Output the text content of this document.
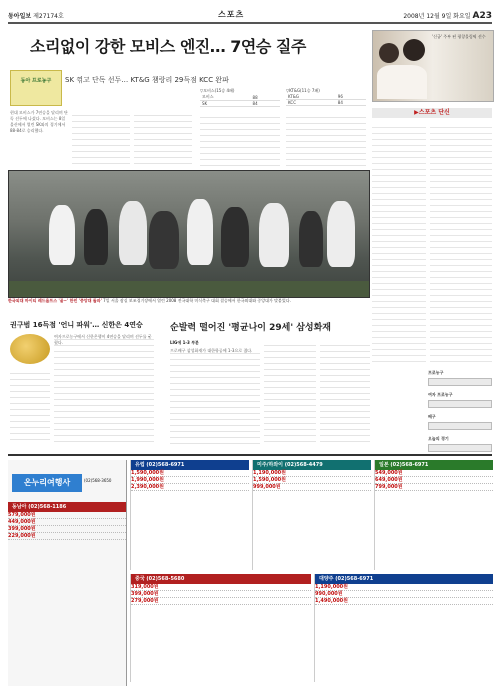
동아일보 제27174호	스포츠	2008년 12월 9일 화요일 A23
소리없이 강한 모비스 엔진… 7연승 질주
동아 프로농구	SK 꺾고 단독 선두… KT&G 챔랑리 29득점 KCC 완파
▽모비스(15승 4패)
모비스	88
SK	84
▽KT&G(11승 7패)
KT&G	96
KCC	84
현대 모비스가 7연승을 달리며 단독 선두에 나섰다. 모비스는 8일 울산에서 열린 SK와의 경기에서 88-84로 승리했다.
한국외대 마이티 레드울프스 '골~' 한민 '중앙대 돌파' 7일 서울 잠실 보조경기장에서 열린 2008 전국대학 미식축구 대회 결승에서 한국외대와 중앙대가 맞붙었다.
'신궁' 주부 된 평창올림픽 선수
▶스포츠 단신
프로농구
여자 프로농구
배구
오늘의 경기
권구범 16득점 '언니 파워'… 신한은 4연승
여자프로농구에서 신한은행이 4연승을 달리며 선두를 굳혔다.
순발력 떨어진 '평균나이 29세' 삼성화재
LIG에 1-3 부분
프로배구 삼성화재가 대한항공에 1-3으로 졌다.
온누리여행사	(02)568-3650
동남아 (02)568-1186
579,000원
449,000원
399,000원
229,000원
유럽 (02)568-6971
1,590,000원
1,990,000원
2,390,000원
미주/하와이 (02)568-4479
1,190,000원
1,590,000원
999,000원
일본 (02)568-6971
549,000원
649,000원
799,000원
중국 (02)568-5680
319,000원
399,000원
279,000원
대양주 (02)568-6971
1,190,000원
990,000원
1,490,000원
